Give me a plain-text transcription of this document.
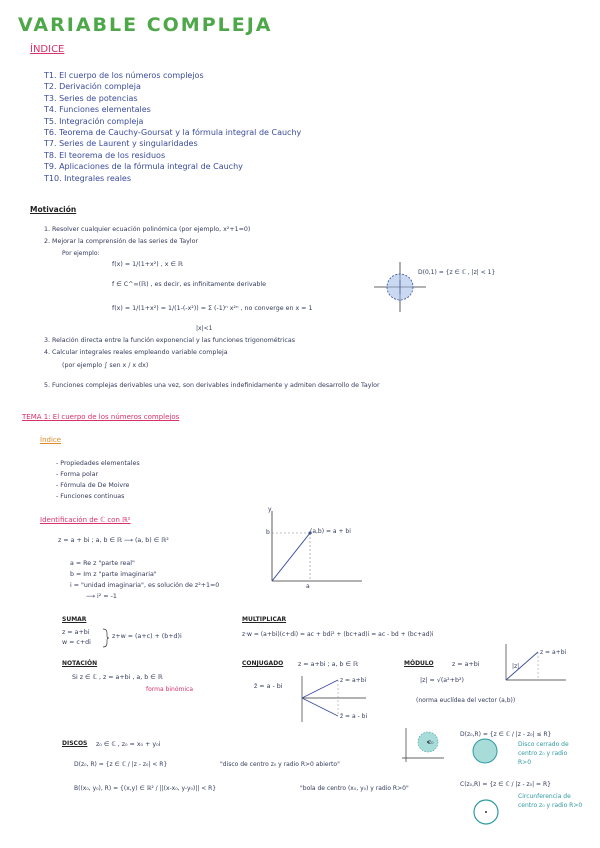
VARIABLE COMPLEJA
ÍNDICE
T1. El cuerpo de los números complejos
T2. Derivación compleja
T3. Series de potencias
T4. Funciones elementales
T5. Integración compleja
T6. Teorema de Cauchy-Goursat y la fórmula integral de Cauchy
T7. Series de Laurent y singularidades
T8. El teorema de los residuos
T9. Aplicaciones de la fórmula integral de Cauchy
T10. Integrales reales
Motivación
1. Resolver cualquier ecuación polinómica (por ejemplo, x²+1=0)
2. Mejorar la comprensión de las series de Taylor
Por ejemplo:
f(x) = 1/(1+x²) , x ∈ ℝ
f ∈ C^∞(ℝ) , es decir, es infinitamente derivable
f(x) = 1/(1+x²) = 1/(1-(-x²)) = Σ (-1)ⁿ x²ⁿ , no converge en x = 1
|x|<1
D(0,1) = {z ∈ ℂ , |z| < 1}
3. Relación directa entre la función exponencial y las funciones trigonométricas
4. Calcular integrales reales empleando variable compleja
(por ejemplo ∫ sen x / x dx)
5. Funciones complejas derivables una vez, son derivables indefinidamente y admiten desarrollo de Taylor
TEMA 1: El cuerpo de los números complejos
Índice
- Propiedades elementales
- Forma polar
- Fórmula de De Moivre
- Funciones continuas
Identificación de ℂ con ℝ²
z = a + bi ; a, b ∈ ℝ ⟶ (a, b) ∈ ℝ²
a = Re z "parte real"
b = Im z "parte imaginaria"
i = "unidad imaginaria", es solución de z²+1=0
⟶ i² = -1
(a,b) = a + bi
y
b
a
SUMAR
z = a+bi
w = c+di
z+w = (a+c) + (b+d)i
MULTIPLICAR
z·w = (a+bi)(c+di) = ac + bdi² + (bc+ad)i = ac - bd + (bc+ad)i
NOTACIÓN
Si z ∈ ℂ , z = a+bi , a, b ∈ ℝ
forma binómica
CONJUGADO z = a+bi ; a, b ∈ ℝ
z̄ = a - bi
z = a+bi
z̄ = a - bi
MÓDULO	z = a+bi
|z| = √(a²+b²)
(norma euclídea del vector (a,b))
z = a+bi
|z|
DISCOS z₀ ∈ ℂ , z₀ = x₀ + y₀i
D(z₀, R) = {z ∈ ℂ / |z - z₀| < R}	"disco de centro z₀ y radio R>0 abierto"
B((x₀, y₀), R) = {(x,y) ∈ ℝ² / ||(x-x₀, y-y₀)|| < R}	"bola de centro (x₀, y₀) y radio R>0"
z₀
D(z₀,R) = {z ∈ ℂ / |z - z₀| ≤ R}
Disco cerrado de centro z₀ y radio R>0
C(z₀,R) = {z ∈ ℂ / |z - z₀| = R}
Circunferencia de centro z₀ y radio R>0
